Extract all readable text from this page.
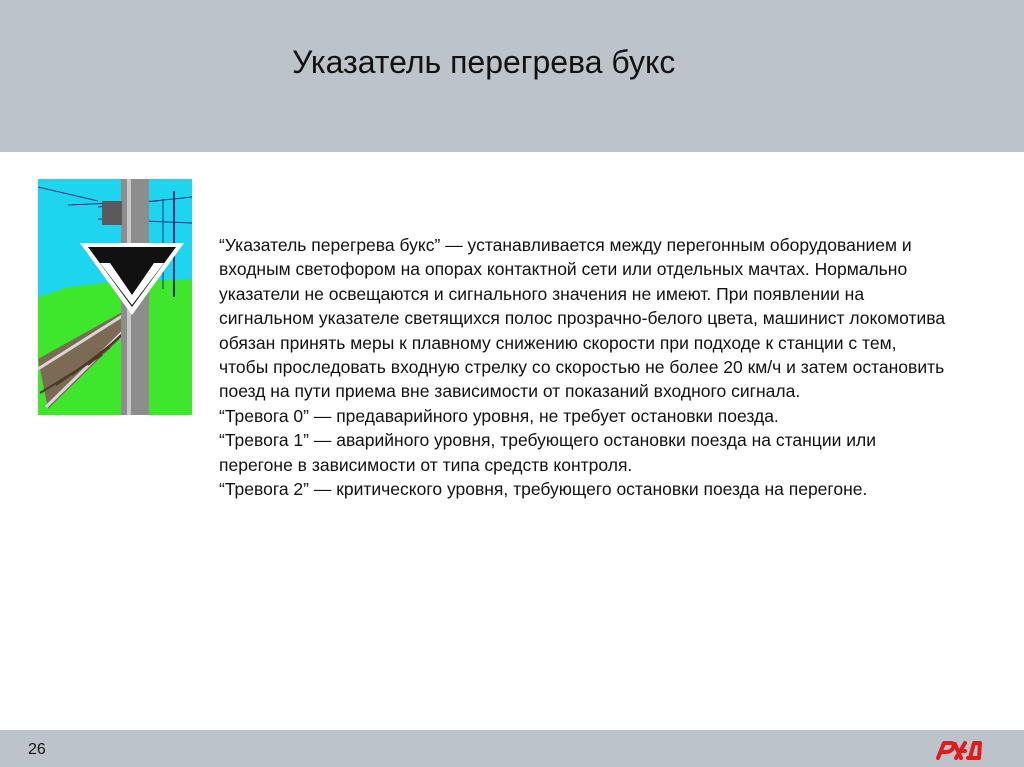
Указатель перегрева букс

“Указатель перегрева букс” — устанавливается между перегонным оборудованием и
входным светофором на опорах контактной сети или отдельных мачтах. Нормально
указатели не освещаются и сигнального значения не имеют. При появлении на
сигнальном указателе светящихся полос прозрачно-белого цвета, машинист локомотива
обязан принять меры к плавному снижению скорости при подходе к станции с тем,
чтобы проследовать входную стрелку со скоростью не более 20 км/ч и затем остановить
поезд на пути приема вне зависимости от показаний входного сигнала.

“Тревога 0” — предаварийного уровня, не требует остановки поезда.

“Тревога 1” — аварийного уровня, требующего остановки поезда на станции или
перегоне в зависимости от типа средств контроля.

“Тревога 2” — критического уровня, требующего остановки поезда на перегоне.

26
